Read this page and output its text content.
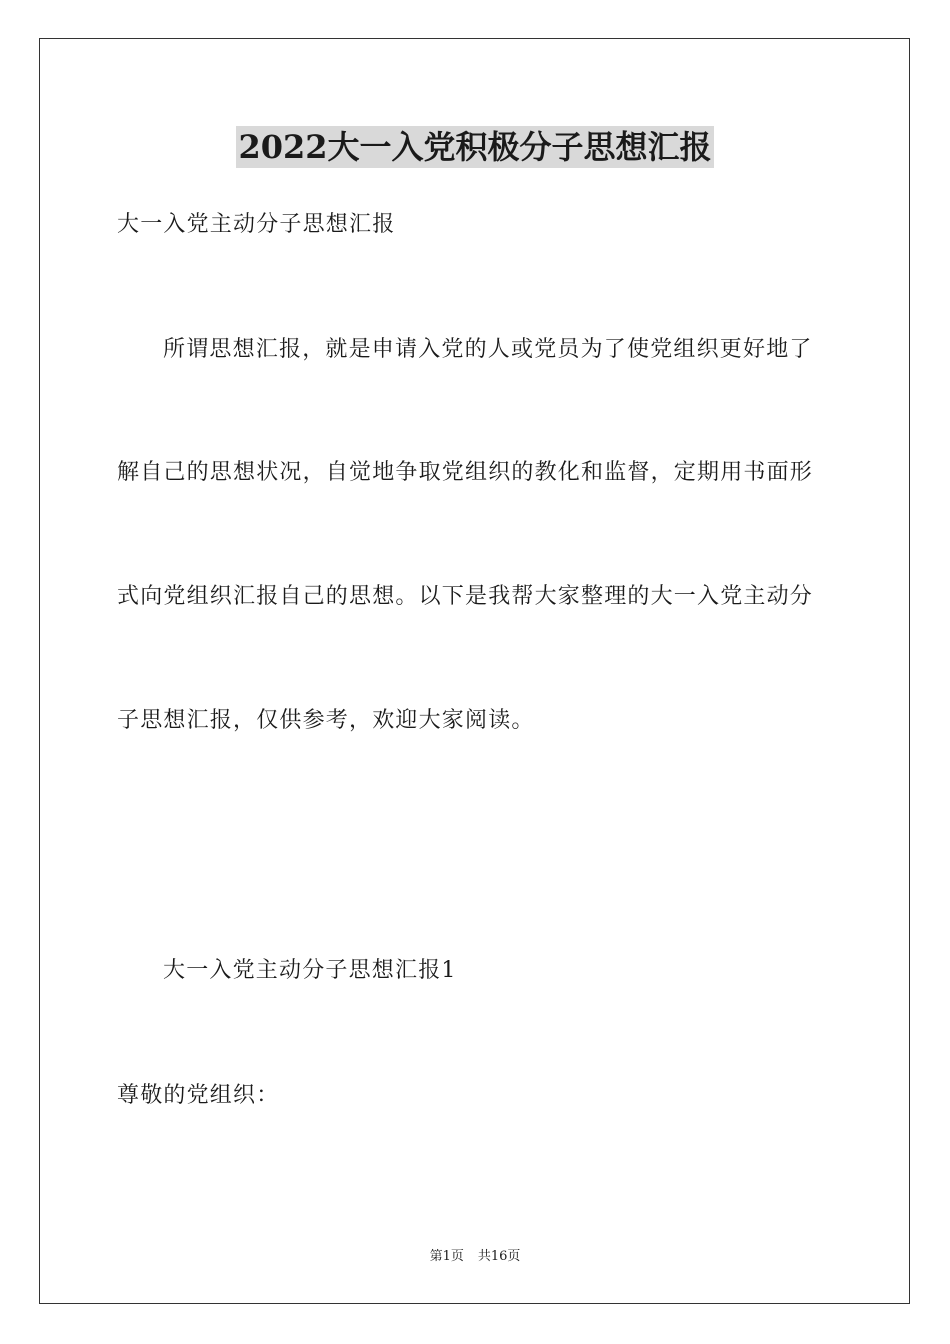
2022大一入党积极分子思想汇报
大一入党主动分子思想汇报
所谓思想汇报，就是申请入党的人或党员为了使党组织更好地了
解自己的思想状况，自觉地争取党组织的教化和监督，定期用书面形
式向党组织汇报自己的思想。以下是我帮大家整理的大一入党主动分
子思想汇报，仅供参考，欢迎大家阅读。
大一入党主动分子思想汇报1
尊敬的党组织：
第1页 共16页
